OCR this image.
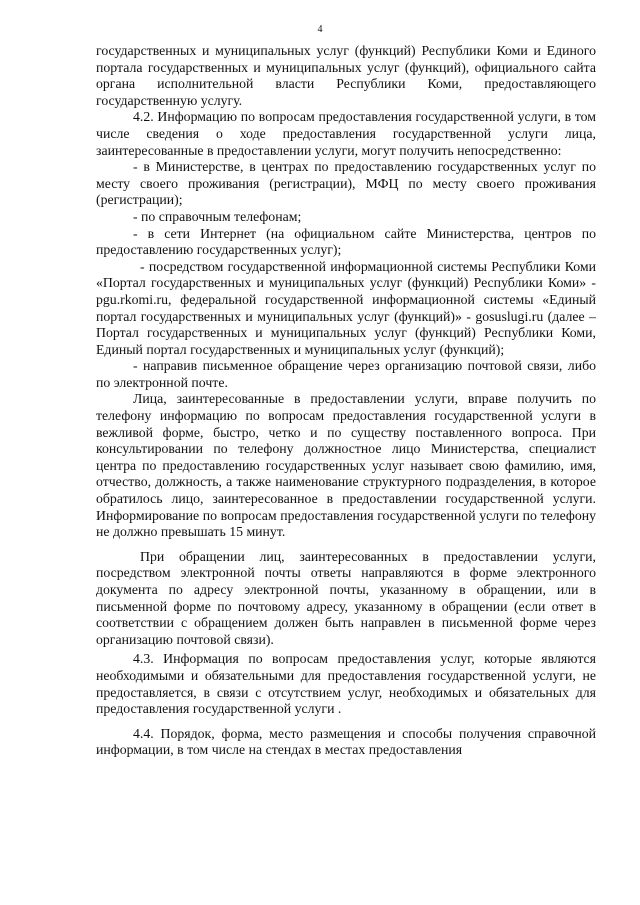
4

государственных и муниципальных услуг (функций) Республики Коми и Единого портала государственных и муниципальных услуг (функций), официального сайта органа исполнительной власти Республики Коми, предоставляющего государственную услугу.

4.2. Информацию по вопросам предоставления государственной услуги, в том числе сведения о ходе предоставления государственной услуги лица, заинтересованные в предоставлении услуги, могут получить непосредственно:

- в Министерстве, в центрах по предоставлению государственных услуг по месту своего проживания (регистрации), МФЦ по месту своего проживания (регистрации);

- по справочным телефонам;

- в сети Интернет (на официальном сайте Министерства, центров по предоставлению государственных услуг);

- посредством государственной информационной системы Республики Коми «Портал государственных и муниципальных услуг (функций) Республики Коми» - pgu.rkomi.ru, федеральной государственной информационной системы «Единый портал государственных и муниципальных услуг (функций)» - gosuslugi.ru (далее – Портал государственных и муниципальных услуг (функций) Республики Коми, Единый портал государственных и муниципальных услуг (функций);

- направив письменное обращение через организацию почтовой связи, либо по электронной почте.

Лица, заинтересованные в предоставлении услуги, вправе получить по телефону информацию по вопросам предоставления государственной услуги в вежливой форме, быстро, четко и по существу поставленного вопроса. При консультировании по телефону должностное лицо Министерства, специалист центра по предоставлению государственных услуг называет свою фамилию, имя, отчество, должность, а также наименование структурного подразделения, в которое обратилось лицо, заинтересованное в предоставлении государственной услуги. Информирование по вопросам предоставления государственной услуги по телефону не должно превышать 15 минут.

При обращении лиц, заинтересованных в предоставлении услуги, посредством электронной почты ответы направляются в форме электронного документа по адресу электронной почты, указанному в обращении, или в письменной форме по почтовому адресу, указанному в обращении (если ответ в соответствии с обращением должен быть направлен в письменной форме через организацию почтовой связи).

4.3. Информация по вопросам предоставления услуг, которые являются необходимыми и обязательными для предоставления государственной услуги, не предоставляется, в связи с отсутствием услуг, необходимых и обязательных для предоставления государственной услуги .

4.4. Порядок, форма, место размещения и способы получения справочной информации, в том числе на стендах в местах предоставления
